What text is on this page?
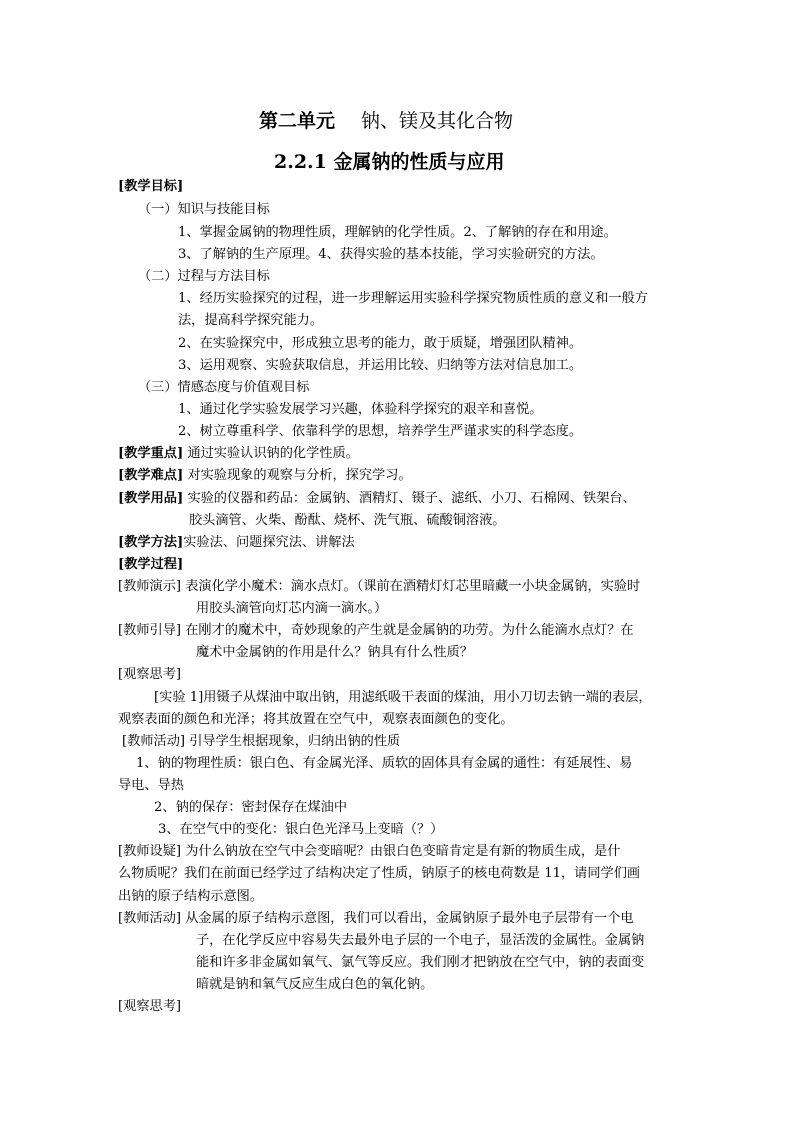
第二单元 钠、镁及其化合物
2.2.1 金属钠的性质与应用
[教学目标]
（一）知识与技能目标
1、掌握金属钠的物理性质，理解钠的化学性质。2、了解钠的存在和用途。
3、了解钠的生产原理。4、获得实验的基本技能，学习实验研究的方法。
（二）过程与方法目标
1、经历实验探究的过程，进一步理解运用实验科学探究物质性质的意义和一般方
法，提高科学探究能力。
2、在实验探究中，形成独立思考的能力，敢于质疑，增强团队精神。
3、运用观察、实验获取信息，并运用比较、归纳等方法对信息加工。
（三）情感态度与价值观目标
1、通过化学实验发展学习兴趣，体验科学探究的艰辛和喜悦。
2、树立尊重科学、依靠科学的思想，培养学生严谨求实的科学态度。
[教学重点] 通过实验认识钠的化学性质。
[教学难点] 对实验现象的观察与分析，探究学习。
[教学用品] 实验的仪器和药品：金属钠、酒精灯、镊子、滤纸、小刀、石棉网、铁架台、
胶头滴管、火柴、酚酞、烧杯、洗气瓶、硫酸铜溶液。
[教学方法]实验法、问题探究法、讲解法
[教学过程]
[教师演示] 表演化学小魔术：滴水点灯。（课前在酒精灯灯芯里暗藏一小块金属钠，实验时
用胶头滴管向灯芯内滴一滴水。）
[教师引导] 在刚才的魔术中，奇妙现象的产生就是金属钠的功劳。为什么能滴水点灯？在
魔术中金属钠的作用是什么？钠具有什么性质？
[观察思考]
[实验 1]用镊子从煤油中取出钠，用滤纸吸干表面的煤油，用小刀切去钠一端的表层，
观察表面的颜色和光泽；将其放置在空气中，观察表面颜色的变化。
[教师活动] 引导学生根据现象，归纳出钠的性质
1、钠的物理性质：银白色、有金属光泽、质软的固体具有金属的通性：有延展性、易
导电、导热
2、钠的保存：密封保存在煤油中
3、在空气中的变化：银白色光泽马上变暗（？）
[教师设疑] 为什么钠放在空气中会变暗呢？由银白色变暗肯定是有新的物质生成，是什
么物质呢？我们在前面已经学过了结构决定了性质，钠原子的核电荷数是 11，请同学们画
出钠的原子结构示意图。
[教师活动] 从金属的原子结构示意图，我们可以看出，金属钠原子最外电子层带有一个电
子，在化学反应中容易失去最外电子层的一个电子，显活泼的金属性。金属钠
能和许多非金属如氧气、氯气等反应。我们刚才把钠放在空气中，钠的表面变
暗就是钠和氧气反应生成白色的氧化钠。
[观察思考]
